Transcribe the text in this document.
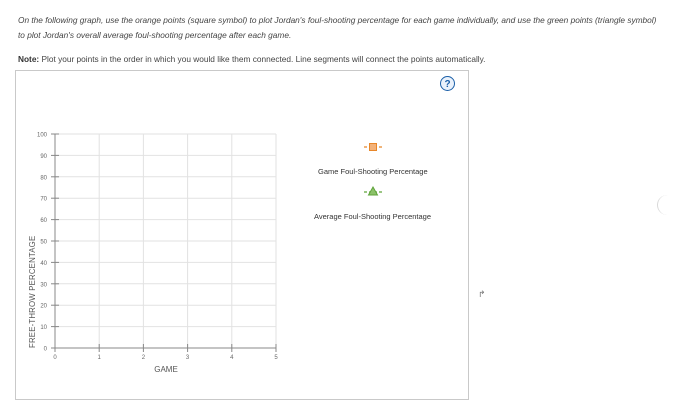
On the following graph, use the orange points (square symbol) to plot Jordan's foul-shooting percentage for each game individually, and use the green points (triangle symbol) to plot Jordan's overall average foul-shooting percentage after each game.
Note: Plot your points in the order in which you would like them connected. Line segments will connect the points automatically.
?
FREE-THROW PERCENTAGE
0	1	2	3	4	5
0
10
20
30
40
50
60
70
80
90
100
GAME
Game Foul-Shooting Percentage
Average Foul-Shooting Percentage
↱
